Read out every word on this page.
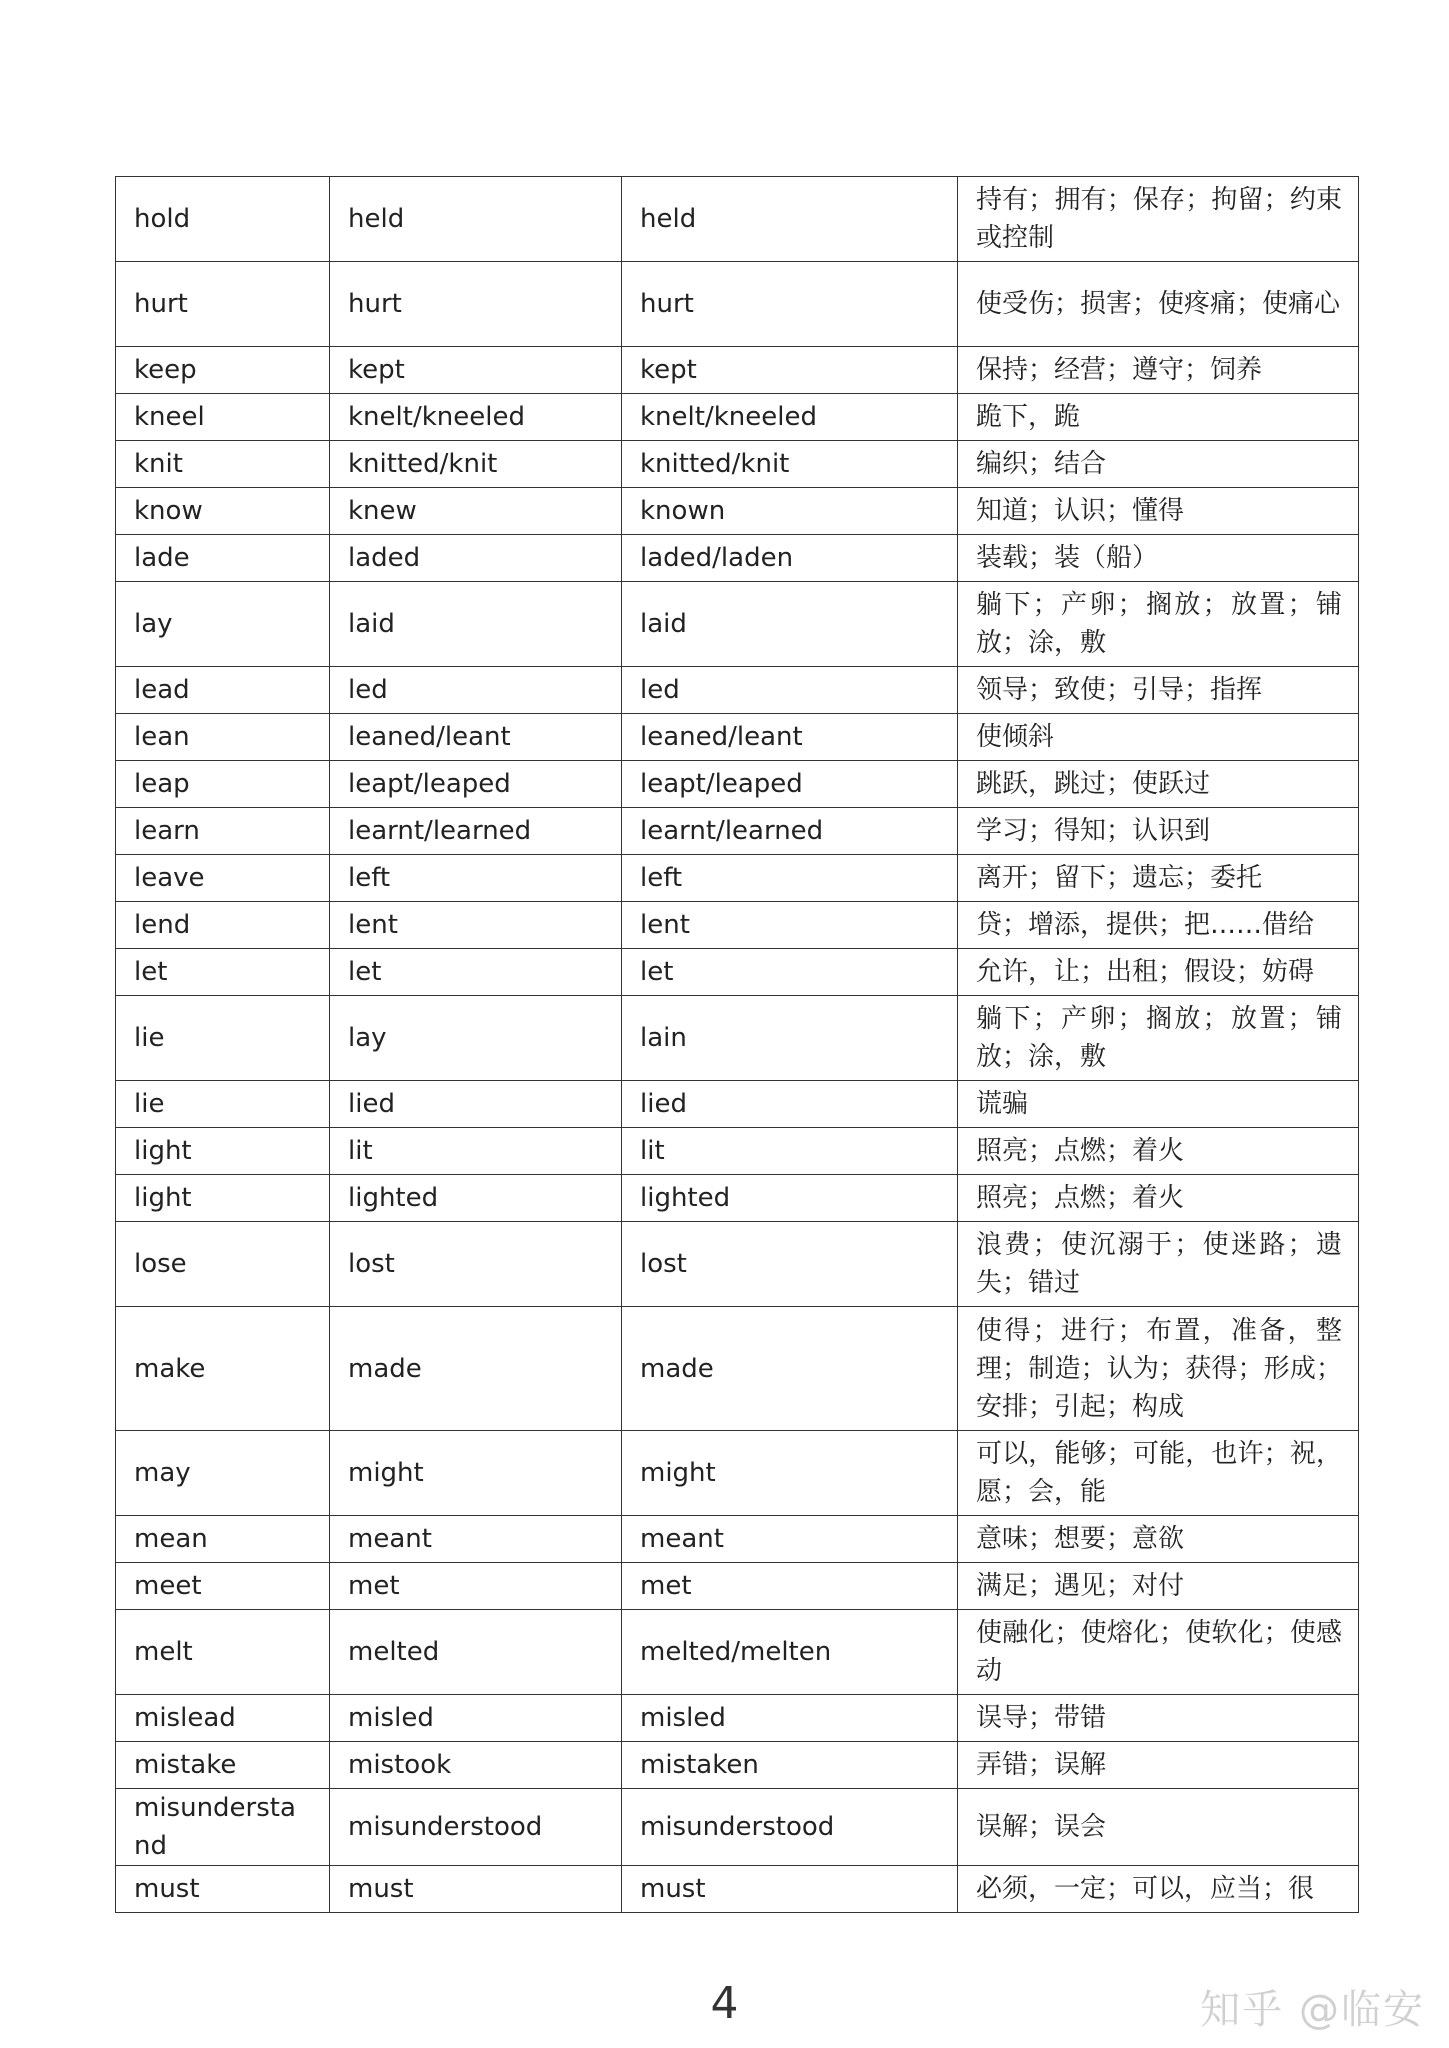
hold	held	held	持有；拥有；保存；拘留；约束或控制
hurt	hurt	hurt	使受伤；损害；使疼痛；使痛心
keep	kept	kept	保持；经营；遵守；饲养
kneel	knelt/kneeled	knelt/kneeled	跪下，跪
knit	knitted/knit	knitted/knit	编织；结合
know	knew	known	知道；认识；懂得
lade	laded	laded/laden	装载；装（船）
lay	laid	laid	躺下；产卵；搁放；放置；铺放；涂，敷
lead	led	led	领导；致使；引导；指挥
lean	leaned/leant	leaned/leant	使倾斜
leap	leapt/leaped	leapt/leaped	跳跃，跳过；使跃过
learn	learnt/learned	learnt/learned	学习；得知；认识到
leave	left	left	离开；留下；遗忘；委托
lend	lent	lent	贷；增添，提供；把……借给
let	let	let	允许，让；出租；假设；妨碍
lie	lay	lain	躺下；产卵；搁放；放置；铺放；涂，敷
lie	lied	lied	谎骗
light	lit	lit	照亮；点燃；着火
light	lighted	lighted	照亮；点燃；着火
lose	lost	lost	浪费；使沉溺于；使迷路；遗失；错过
make	made	made	使得；进行；布置，准备，整理；制造；认为；获得；形成；安排；引起；构成
may	might	might	可以，能够；可能，也许；祝，愿；会，能
mean	meant	meant	意味；想要；意欲
meet	met	met	满足；遇见；对付
melt	melted	melted/melten	使融化；使熔化；使软化；使感动
mislead	misled	misled	误导；带错
mistake	mistook	mistaken	弄错；误解
misunderstand	misunderstood	misunderstood	误解；误会
must	must	must	必须，一定；可以，应当；很
4	知乎 @临安
